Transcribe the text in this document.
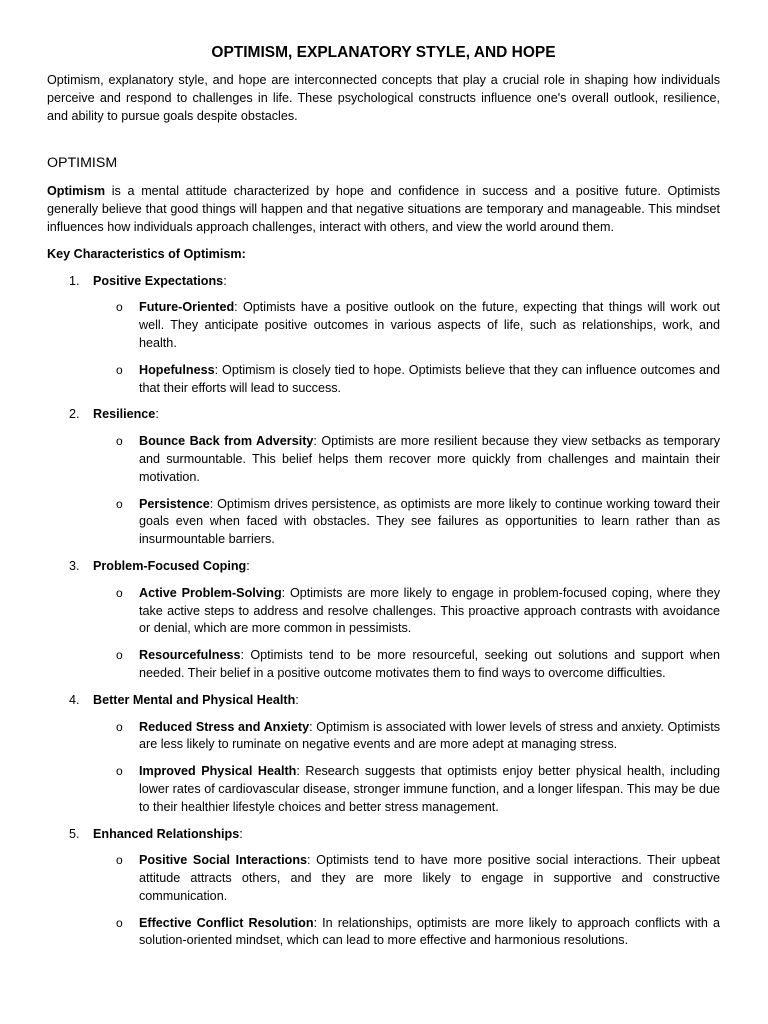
OPTIMISM, EXPLANATORY STYLE, AND HOPE

Optimism, explanatory style, and hope are interconnected concepts that play a crucial role in shaping how individuals perceive and respond to challenges in life. These psychological constructs influence one's overall outlook, resilience, and ability to pursue goals despite obstacles.

OPTIMISM

Optimism is a mental attitude characterized by hope and confidence in success and a positive future. Optimists generally believe that good things will happen and that negative situations are temporary and manageable. This mindset influences how individuals approach challenges, interact with others, and view the world around them.

Key Characteristics of Optimism:

1. Positive Expectations:
o Future-Oriented: Optimists have a positive outlook on the future, expecting that things will work out well. They anticipate positive outcomes in various aspects of life, such as relationships, work, and health.
o Hopefulness: Optimism is closely tied to hope. Optimists believe that they can influence outcomes and that their efforts will lead to success.
2. Resilience:
o Bounce Back from Adversity: Optimists are more resilient because they view setbacks as temporary and surmountable. This belief helps them recover more quickly from challenges and maintain their motivation.
o Persistence: Optimism drives persistence, as optimists are more likely to continue working toward their goals even when faced with obstacles. They see failures as opportunities to learn rather than as insurmountable barriers.
3. Problem-Focused Coping:
o Active Problem-Solving: Optimists are more likely to engage in problem-focused coping, where they take active steps to address and resolve challenges. This proactive approach contrasts with avoidance or denial, which are more common in pessimists.
o Resourcefulness: Optimists tend to be more resourceful, seeking out solutions and support when needed. Their belief in a positive outcome motivates them to find ways to overcome difficulties.
4. Better Mental and Physical Health:
o Reduced Stress and Anxiety: Optimism is associated with lower levels of stress and anxiety. Optimists are less likely to ruminate on negative events and are more adept at managing stress.
o Improved Physical Health: Research suggests that optimists enjoy better physical health, including lower rates of cardiovascular disease, stronger immune function, and a longer lifespan. This may be due to their healthier lifestyle choices and better stress management.
5. Enhanced Relationships:
o Positive Social Interactions: Optimists tend to have more positive social interactions. Their upbeat attitude attracts others, and they are more likely to engage in supportive and constructive communication.
o Effective Conflict Resolution: In relationships, optimists are more likely to approach conflicts with a solution-oriented mindset, which can lead to more effective and harmonious resolutions.
